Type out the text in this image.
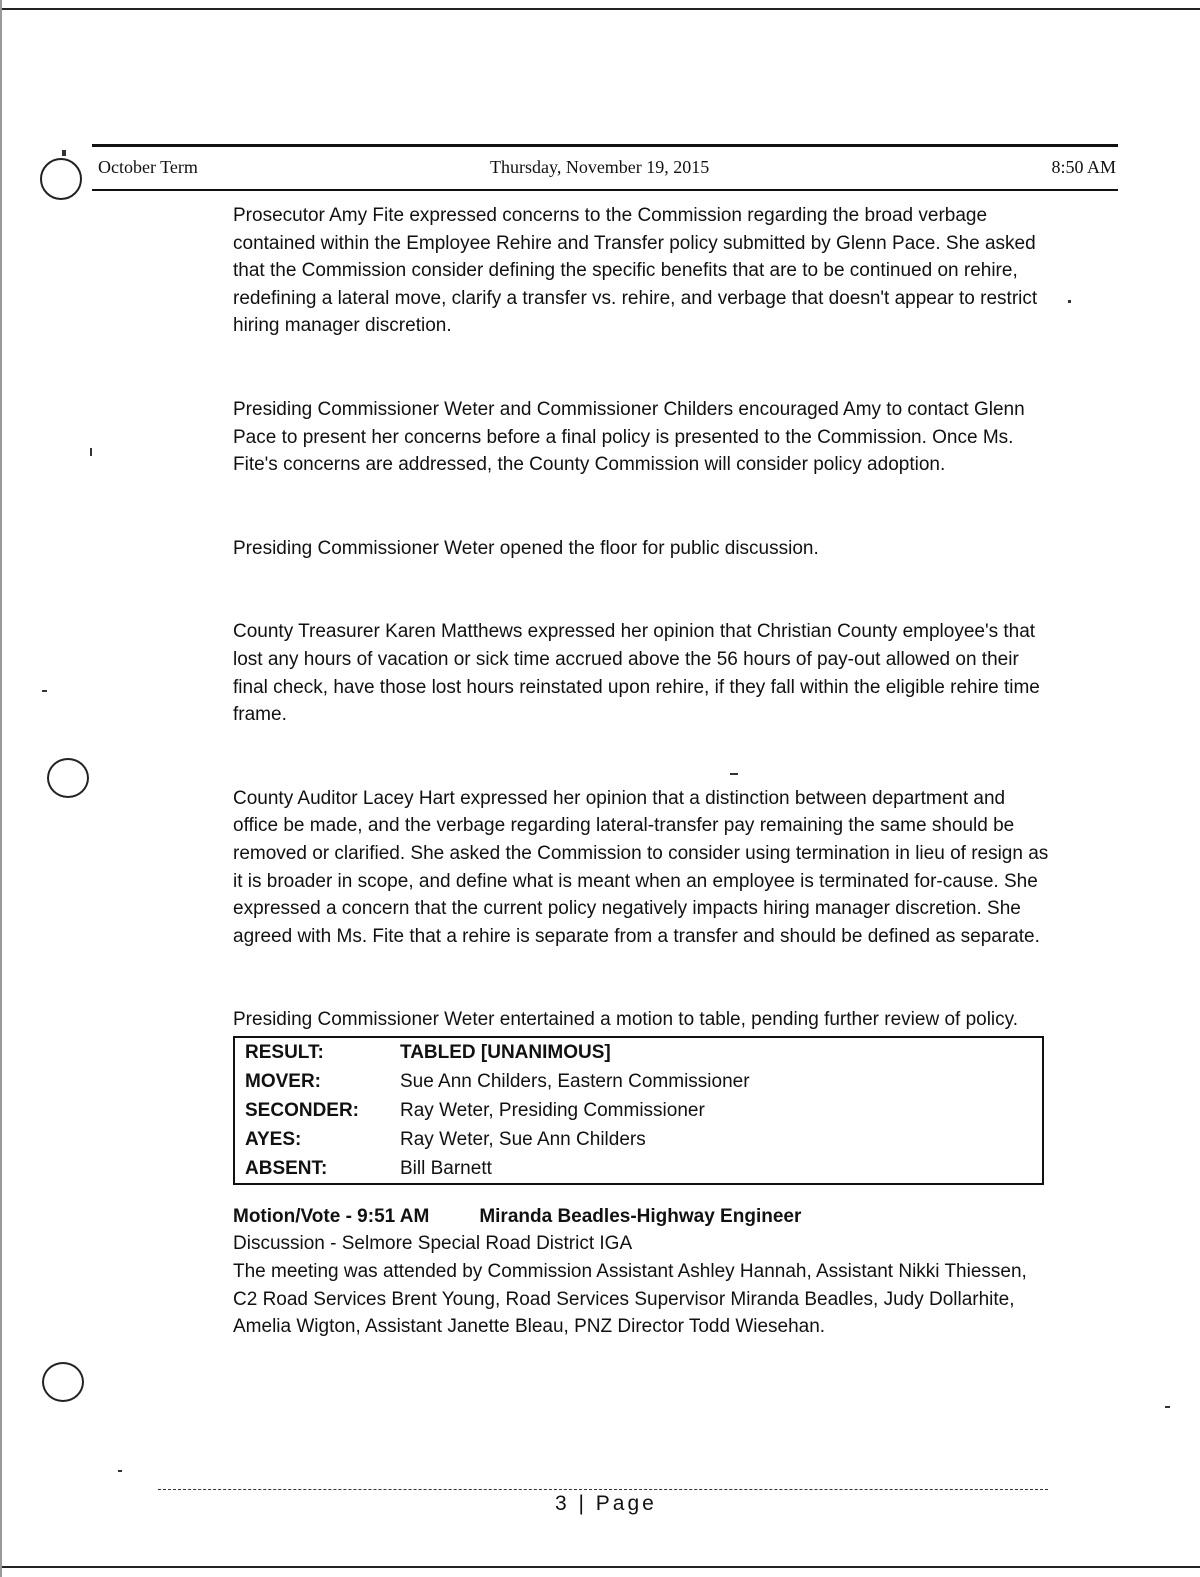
October Term	Thursday, November 19, 2015	8:50 AM

Prosecutor Amy Fite expressed concerns to the Commission regarding the broad verbage contained within the Employee Rehire and Transfer policy submitted by Glenn Pace. She asked that the Commission consider defining the specific benefits that are to be continued on rehire, redefining a lateral move, clarify a transfer vs. rehire, and verbage that doesn't appear to restrict hiring manager discretion.

Presiding Commissioner Weter and Commissioner Childers encouraged Amy to contact Glenn Pace to present her concerns before a final policy is presented to the Commission. Once Ms. Fite's concerns are addressed, the County Commission will consider policy adoption.

Presiding Commissioner Weter opened the floor for public discussion.

County Treasurer Karen Matthews expressed her opinion that Christian County employee's that lost any hours of vacation or sick time accrued above the 56 hours of pay-out allowed on their final check, have those lost hours reinstated upon rehire, if they fall within the eligible rehire time frame.

County Auditor Lacey Hart expressed her opinion that a distinction between department and office be made, and the verbage regarding lateral-transfer pay remaining the same should be removed or clarified. She asked the Commission to consider using termination in lieu of resign as it is broader in scope, and define what is meant when an employee is terminated for-cause. She expressed a concern that the current policy negatively impacts hiring manager discretion. She agreed with Ms. Fite that a rehire is separate from a transfer and should be defined as separate.

Presiding Commissioner Weter entertained a motion to table, pending further review of policy.

RESULT:	TABLED [UNANIMOUS]
MOVER:	Sue Ann Childers, Eastern Commissioner
SECONDER:	Ray Weter, Presiding Commissioner
AYES:	Ray Weter, Sue Ann Childers
ABSENT:	Bill Barnett

Motion/Vote - 9:51 AM	Miranda Beadles-Highway Engineer

Discussion - Selmore Special Road District IGA

The meeting was attended by Commission Assistant Ashley Hannah, Assistant Nikki Thiessen, C2 Road Services Brent Young, Road Services Supervisor Miranda Beadles, Judy Dollarhite, Amelia Wigton, Assistant Janette Bleau, PNZ Director Todd Wiesehan.

3 | Page
